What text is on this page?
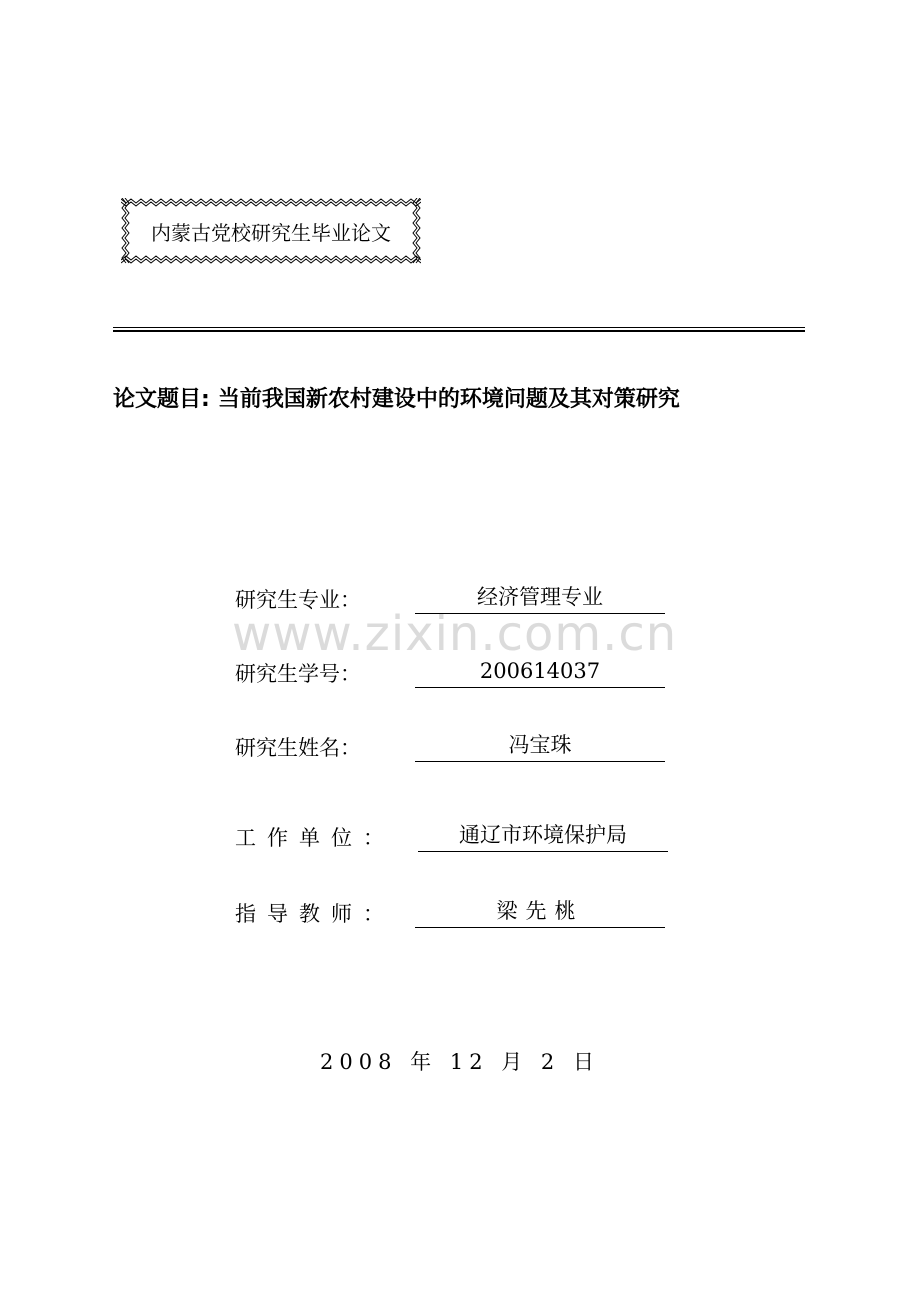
内蒙古党校研究生毕业论文
论文题目: 当前我国新农村建设中的环境问题及其对策研究
www.zixin.com.cn
研究生专业：	经济管理专业
研究生学号：	200614037
研究生姓名：	冯宝珠
工作单位：	通辽市环境保护局
指导教师：	梁先桃
2008 年 12 月 2 日
